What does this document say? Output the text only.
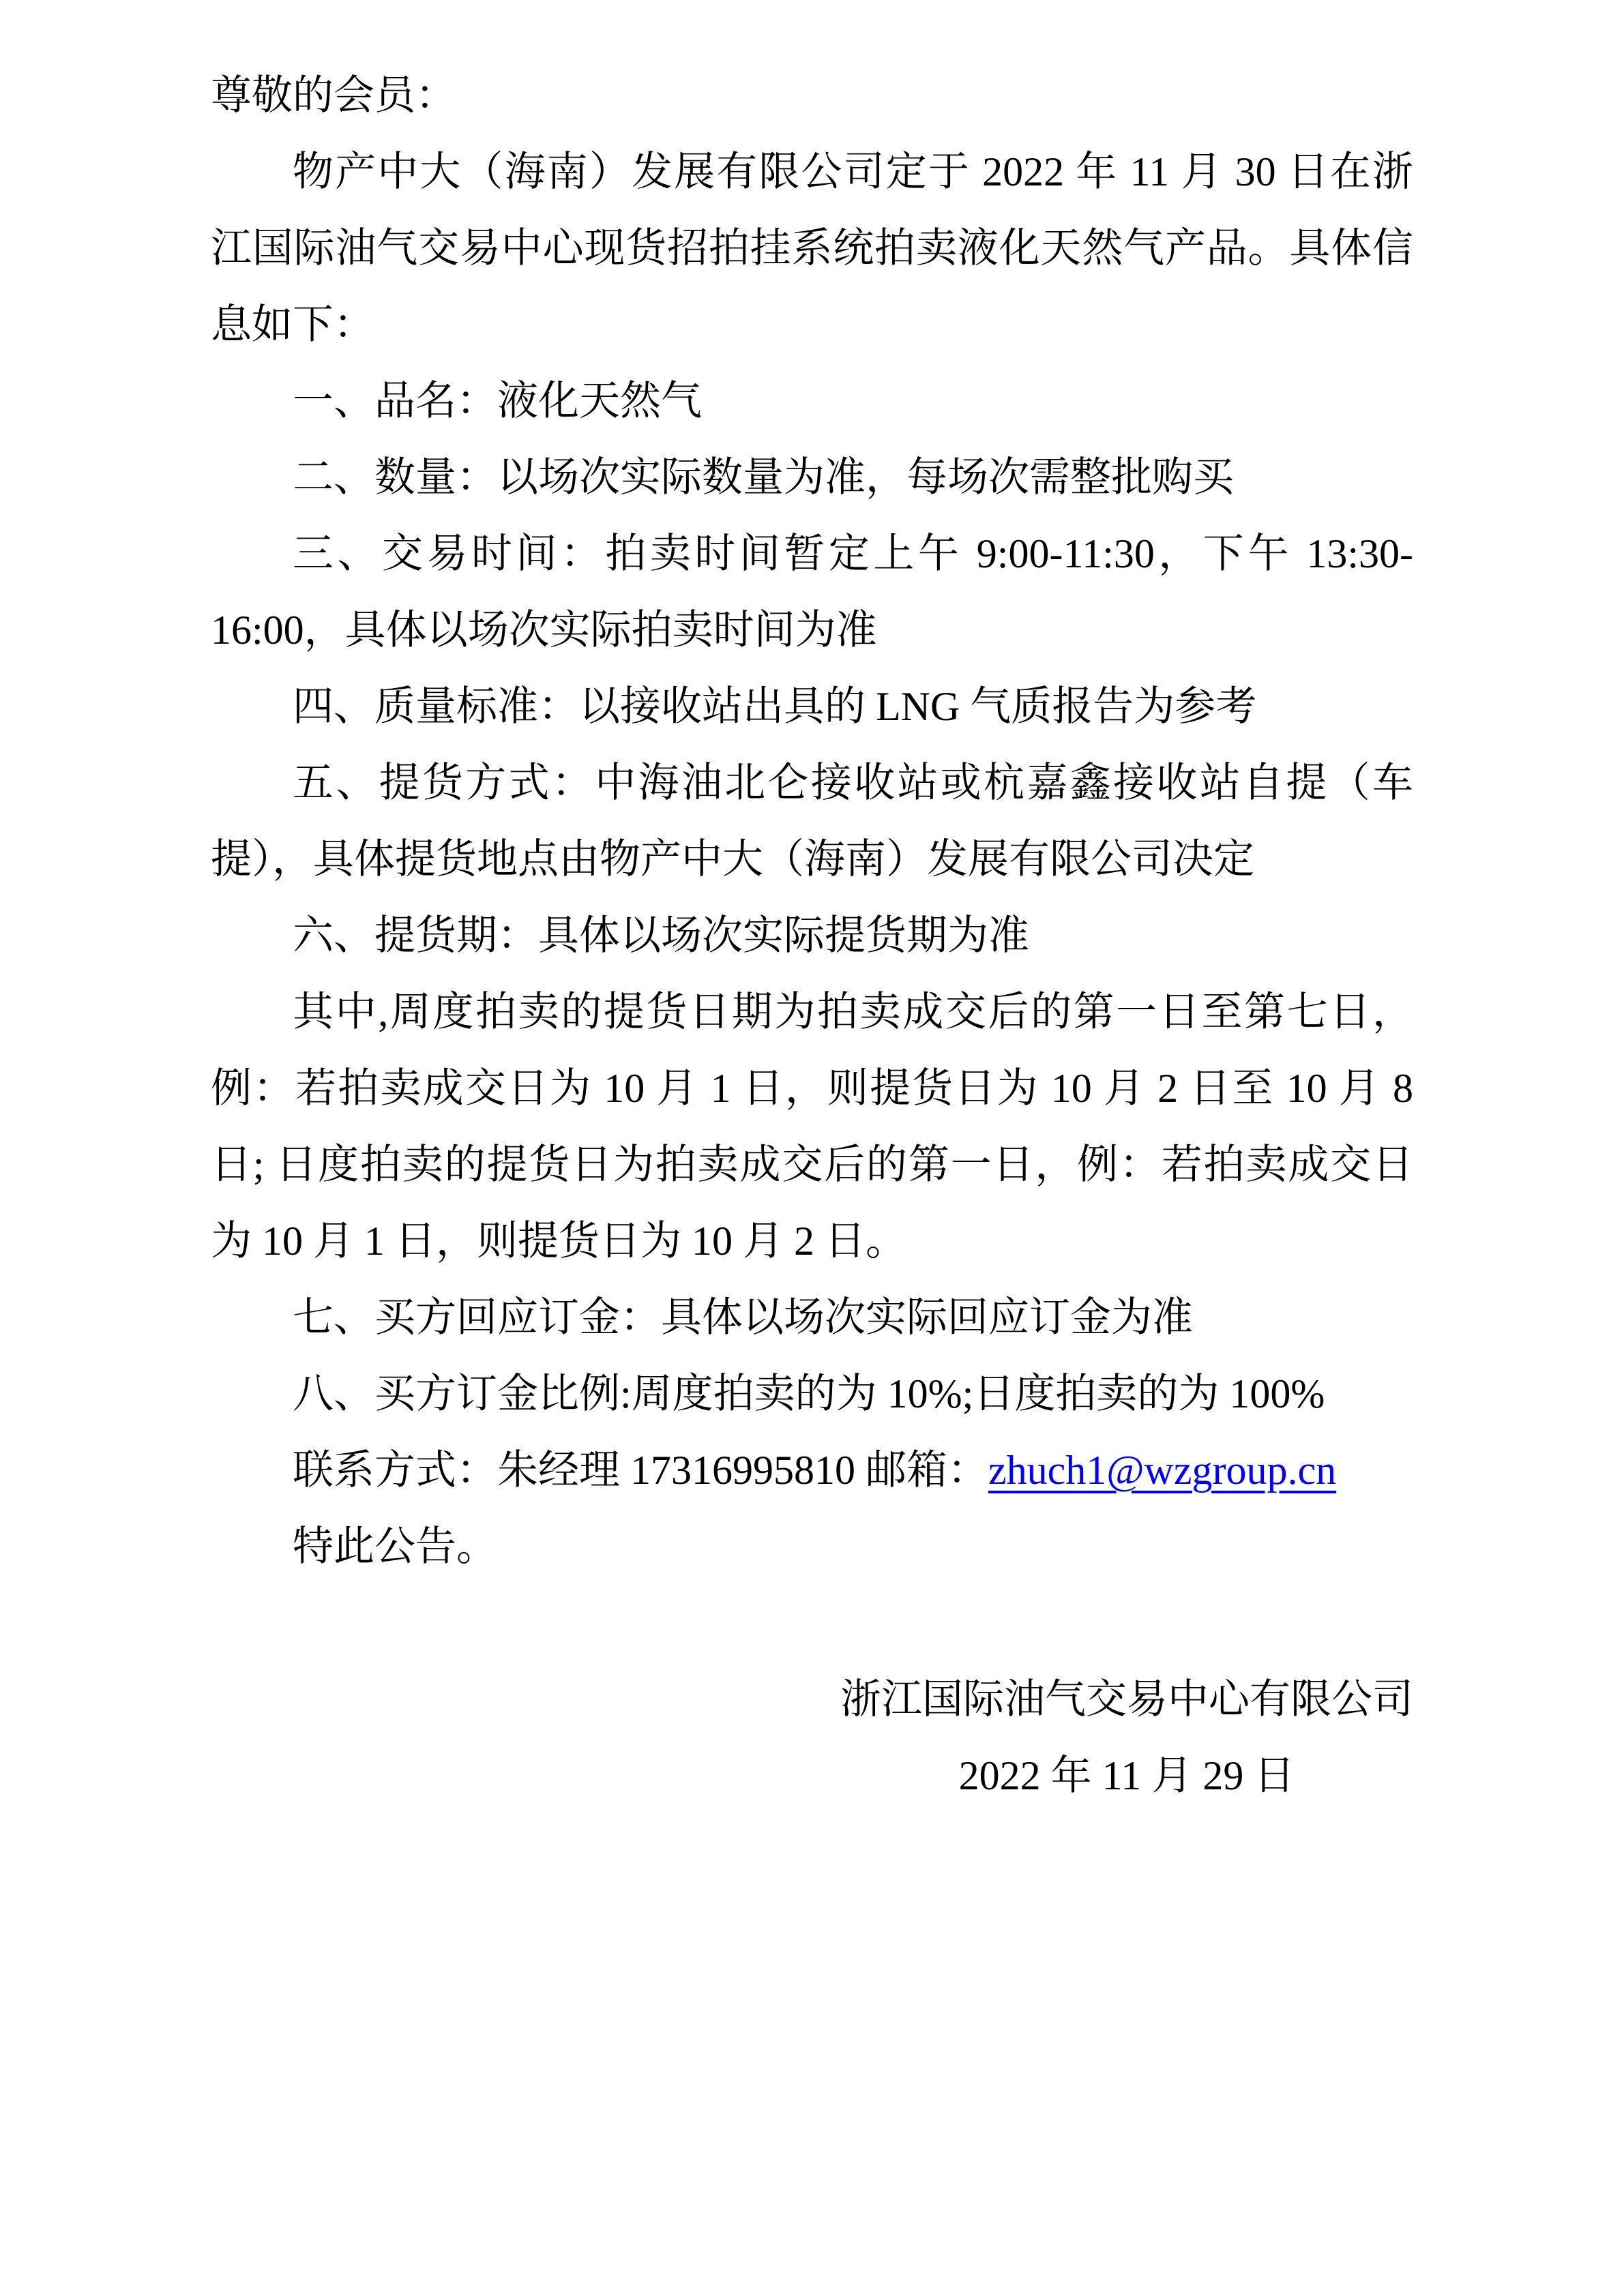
尊敬的会员：

物产中大（海南）发展有限公司定于 2022 年 11 月 30 日在浙江国际油气交易中心现货招拍挂系统拍卖液化天然气产品。具体信息如下：

一、品名：液化天然气

二、数量：以场次实际数量为准，每场次需整批购买

三、交易时间：拍卖时间暂定上午 9:00-11:30，下午 13:30-16:00，具体以场次实际拍卖时间为准

四、质量标准：以接收站出具的 LNG 气质报告为参考

五、提货方式：中海油北仑接收站或杭嘉鑫接收站自提（车提），具体提货地点由物产中大（海南）发展有限公司决定

六、提货期：具体以场次实际提货期为准

其中,周度拍卖的提货日期为拍卖成交后的第一日至第七日，例：若拍卖成交日为 10 月 1 日，则提货日为 10 月 2 日至 10 月 8 日; 日度拍卖的提货日为拍卖成交后的第一日，例：若拍卖成交日为 10 月 1 日，则提货日为 10 月 2 日。

七、买方回应订金：具体以场次实际回应订金为准

八、买方订金比例:周度拍卖的为 10%;日度拍卖的为 100%

联系方式：朱经理 17316995810 邮箱：zhuch1@wzgroup.cn

特此公告。

浙江国际油气交易中心有限公司
2022 年 11 月 29 日
